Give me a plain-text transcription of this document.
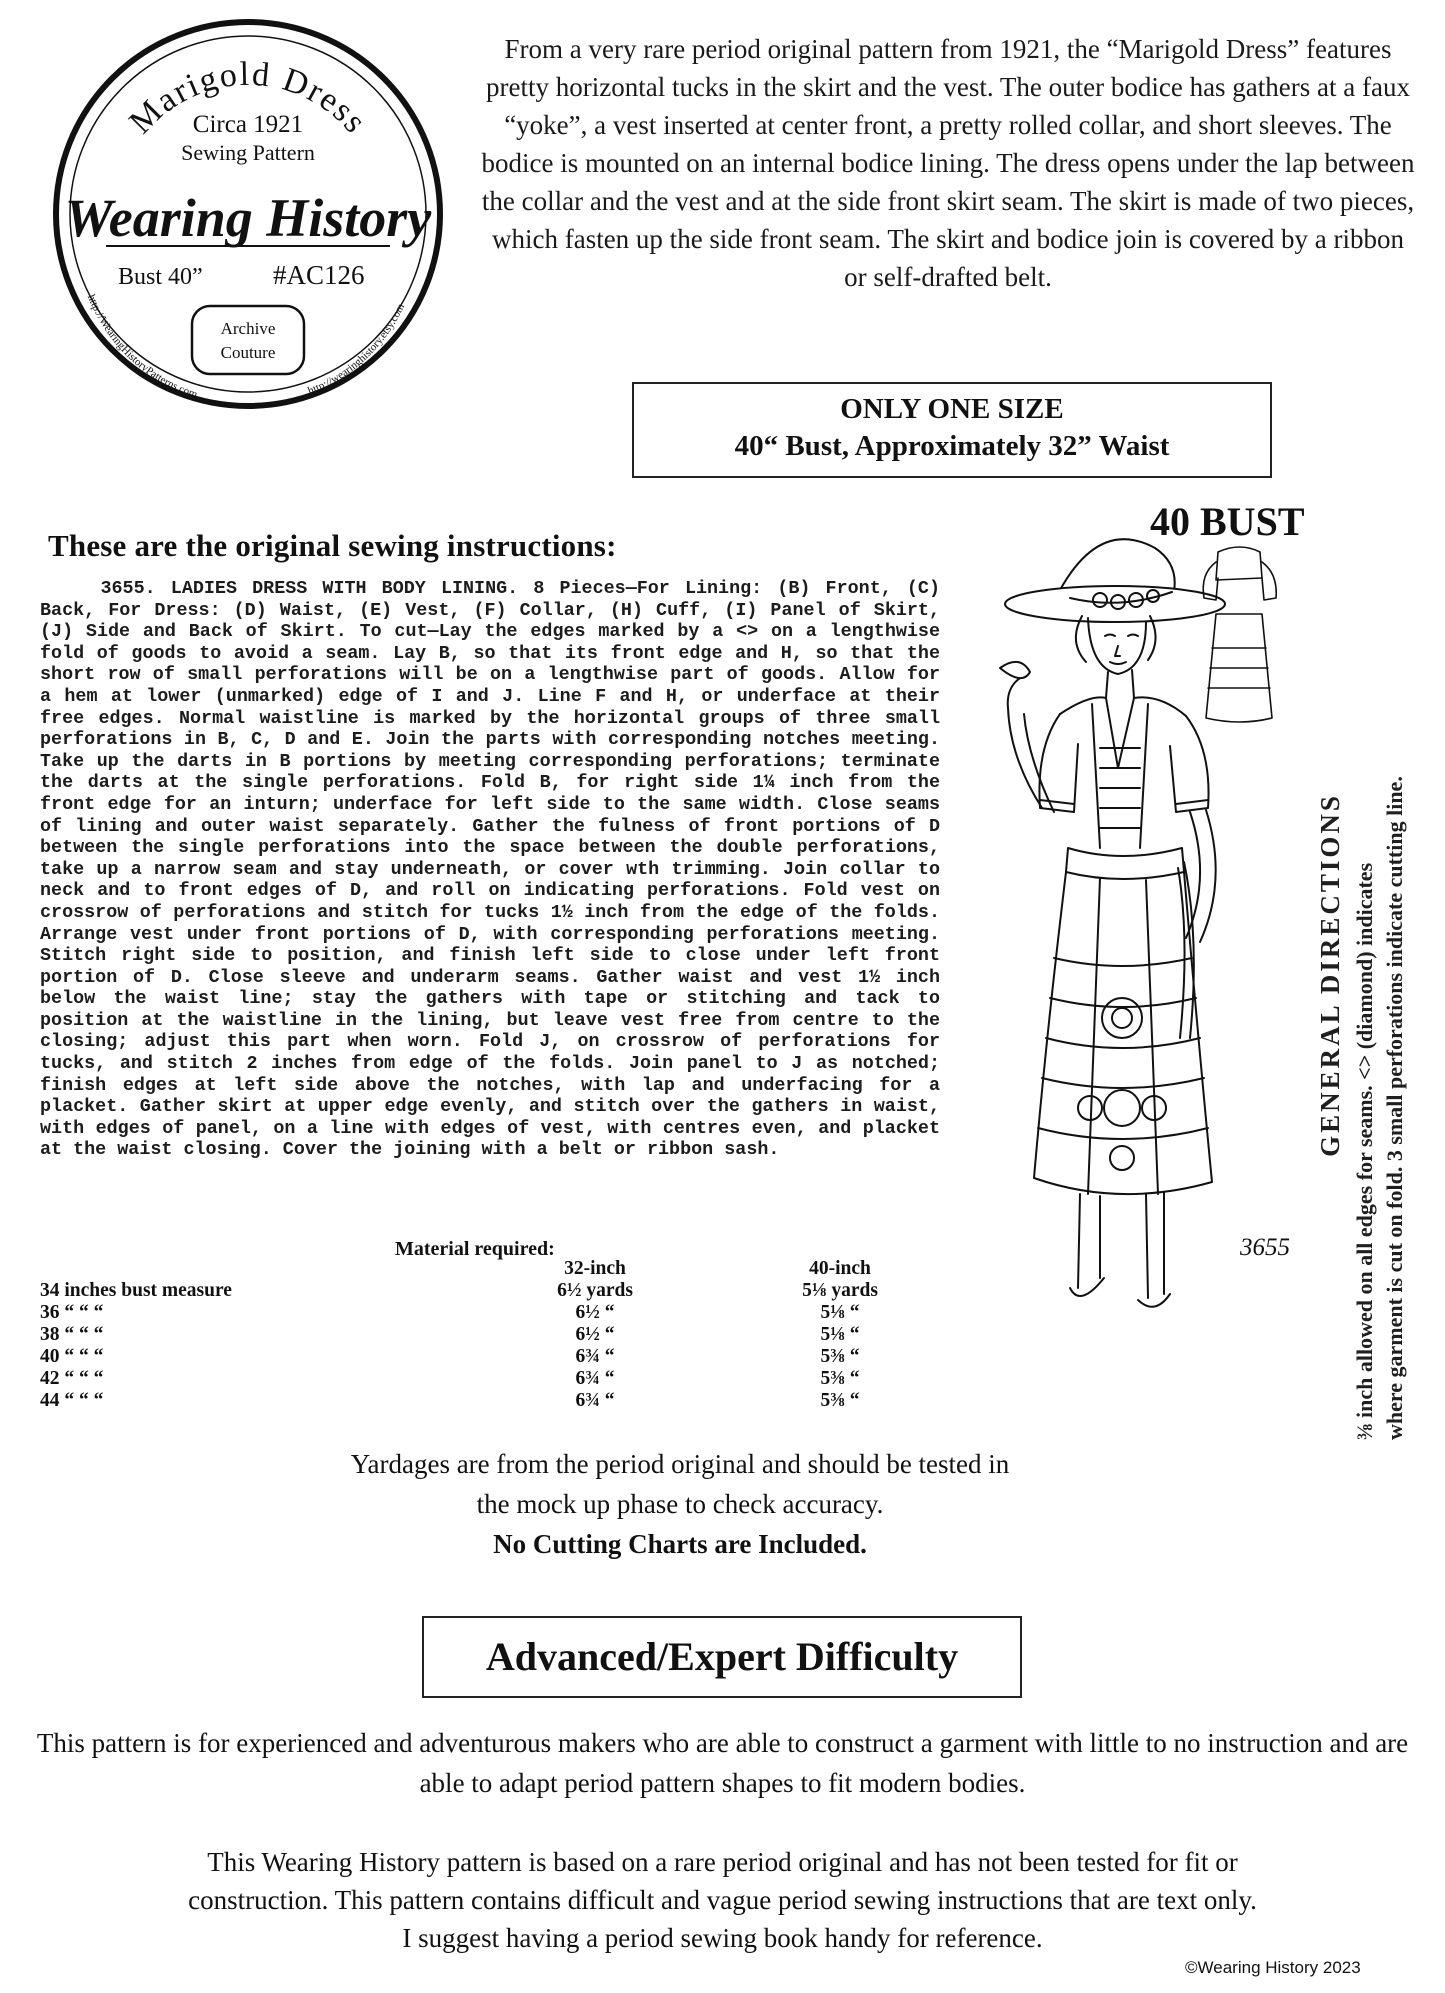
Marigold Dress
Circa 1921
Sewing Pattern
Wearing History
Bust 40”	#AC126
Archive
Couture
http://WearingHistoryPatterns.com	http://wearinghistory.etsy.com
From a very rare period original pattern from 1921, the “Marigold Dress” features pretty horizontal tucks in the skirt and the vest. The outer bodice has gathers at a faux “yoke”, a vest inserted at center front, a pretty rolled collar, and short sleeves. The bodice is mounted on an internal bodice lining. The dress opens under the lap between the collar and the vest and at the side front skirt seam. The skirt is made of two pieces, which fasten up the side front seam. The skirt and bodice join is covered by a ribbon or self-drafted belt.
ONLY ONE SIZE
40“ Bust, Approximately 32” Waist
40 BUST
These are the original sewing instructions:
3655. LADIES DRESS WITH BODY LINING. 8 Pieces—For Lining: (B) Front, (C) Back, For Dress: (D) Waist, (E) Vest, (F) Collar, (H) Cuff, (I) Panel of Skirt, (J) Side and Back of Skirt. To cut—Lay the edges marked by a <> on a lengthwise fold of goods to avoid a seam. Lay B, so that its front edge and H, so that the short row of small perforations will be on a lengthwise part of goods. Allow for a hem at lower (unmarked) edge of I and J. Line F and H, or underface at their free edges. Normal waistline is marked by the horizontal groups of three small perforations in B, C, D and E. Join the parts with corresponding notches meeting. Take up the darts in B portions by meeting corresponding perforations; terminate the darts at the single perforations. Fold B, for right side 1¼ inch from the front edge for an inturn; underface for left side to the same width. Close seams of lining and outer waist separately. Gather the fulness of front portions of D between the single perforations into the space between the double perforations, take up a narrow seam and stay underneath, or cover wth trimming. Join collar to neck and to front edges of D, and roll on indicating perforations. Fold vest on crossrow of perforations and stitch for tucks 1½ inch from the edge of the folds. Arrange vest under front portions of D, with corresponding perforations meeting. Stitch right side to position, and finish left side to close under left front portion of D. Close sleeve and underarm seams. Gather waist and vest 1½ inch below the waist line; stay the gathers with tape or stitching and tack to position at the waistline in the lining, but leave vest free from centre to the closing; adjust this part when worn. Fold J, on crossrow of perforations for tucks, and stitch 2 inches from edge of the folds. Join panel to J as notched; finish edges at left side above the notches, with lap and underfacing for a placket. Gather skirt at upper edge evenly, and stitch over the gathers in waist, with edges of panel, on a line with edges of vest, with centres even, and placket at the waist closing. Cover the joining with a belt or ribbon sash.
Material required:
	32-inch	40-inch
34 inches bust measure	6½ yards	5⅛ yards
36 “ “ “	6½ “	5⅛ “
38 “ “ “	6½ “	5⅛ “
40 “ “ “	6¾ “	5⅜ “
42 “ “ “	6¾ “	5⅜ “
44 “ “ “	6¾ “	5⅜ “
3655
GENERAL DIRECTIONS ⅜ inch allowed on all edges for seams. <> (diamond) indicates where garment is cut on fold. 3 small perforations indicate cutting line.
Yardages are from the period original and should be tested in
the mock up phase to check accuracy.
No Cutting Charts are Included.
Advanced/Expert Difficulty
This pattern is for experienced and adventurous makers who are able to construct a garment with little to no instruction and are able to adapt period pattern shapes to fit modern bodies.
This Wearing History pattern is based on a rare period original and has not been tested for fit or
construction. This pattern contains difficult and vague period sewing instructions that are text only.
I suggest having a period sewing book handy for reference.
©Wearing History 2023
